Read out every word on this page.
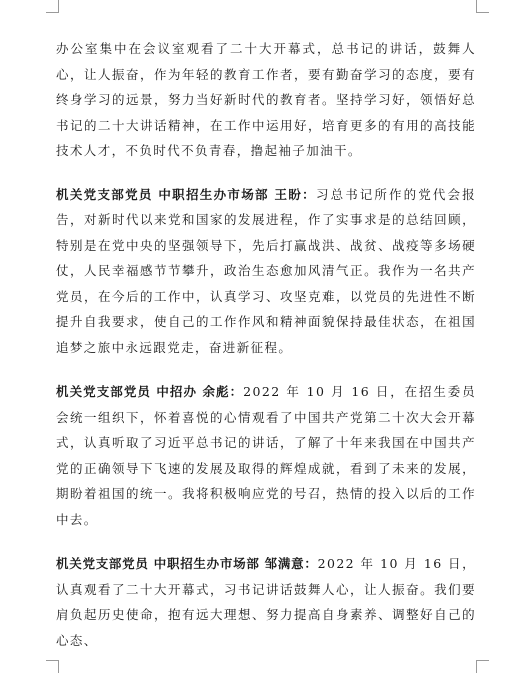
办公室集中在会议室观看了二十大开幕式，总书记的讲话，鼓舞人心，让人振奋，作为年轻的教育工作者，要有勤奋学习的态度，要有终身学习的远景，努力当好新时代的教育者。坚持学习好，领悟好总书记的二十大讲话精神，在工作中运用好，培育更多的有用的高技能技术人才，不负时代不负青春，撸起袖子加油干。

机关党支部党员 中职招生办市场部 王盼：习总书记所作的党代会报告，对新时代以来党和国家的发展进程，作了实事求是的总结回顾，特别是在党中央的坚强领导下，先后打赢战洪、战贫、战疫等多场硬仗，人民幸福感节节攀升，政治生态愈加风清气正。我作为一名共产党员，在今后的工作中，认真学习、攻坚克难，以党员的先进性不断提升自我要求，使自己的工作作风和精神面貌保持最佳状态，在祖国追梦之旅中永远跟党走，奋进新征程。

机关党支部党员 中招办 余彪：2022 年 10 月 16 日，在招生委员会统一组织下，怀着喜悦的心情观看了中国共产党第二十次大会开幕式，认真听取了习近平总书记的讲话，了解了十年来我国在中国共产党的正确领导下飞速的发展及取得的辉煌成就，看到了未来的发展，期盼着祖国的统一。我将积极响应党的号召，热情的投入以后的工作中去。

机关党支部党员 中职招生办市场部 邹满意：2022 年 10 月 16 日，认真观看了二十大开幕式，习书记讲话鼓舞人心，让人振奋。我们要肩负起历史使命，抱有远大理想、努力提高自身素养、调整好自己的心态、
